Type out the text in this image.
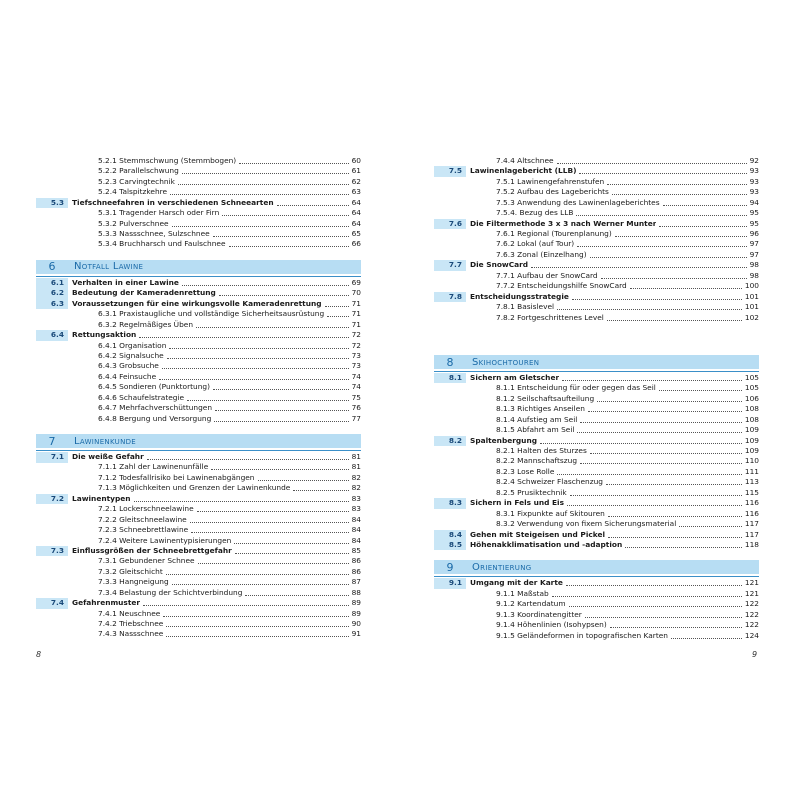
5.2.1 Stemmschwung (Stemmbogen)	60
5.2.2 Parallelschwung	61
5.2.3 Carvingtechnik	62
5.2.4 Talspitzkehre	63
5.3	Tiefschneefahren in verschiedenen Schneearten	64
5.3.1 Tragender Harsch oder Firn	64
5.3.2 Pulverschnee	64
5.3.3 Nassschnee, Sulzschnee	65
5.3.4 Bruchharsch und Faulschnee	66
6	Notfall Lawine
6.1	Verhalten in einer Lawine	69
6.2	Bedeutung der Kameradenrettung	70
6.3	Voraussetzungen für eine wirkungsvolle Kameradenrettung	71
6.3.1 Praxistaugliche und vollständige Sicherheitsausrüstung	71
6.3.2 Regelmäßiges Üben	71
6.4	Rettungsaktion	72
6.4.1 Organisation	72
6.4.2 Signalsuche	73
6.4.3 Grobsuche	73
6.4.4 Feinsuche	74
6.4.5 Sondieren (Punktortung)	74
6.4.6 Schaufelstrategie	75
6.4.7 Mehrfachverschüttungen	76
6.4.8 Bergung und Versorgung	77
7	Lawinenkunde
7.1	Die weiße Gefahr	81
7.1.1 Zahl der Lawinenunfälle	81
7.1.2 Todesfallrisiko bei Lawinenabgängen	82
7.1.3 Möglichkeiten und Grenzen der Lawinenkunde	82
7.2	Lawinentypen	83
7.2.1 Lockerschneelawine	83
7.2.2 Gleitschneelawine	84
7.2.3 Schneebrettlawine	84
7.2.4 Weitere Lawinentypisierungen	84
7.3	Einflussgrößen der Schneebrettgefahr	85
7.3.1 Gebundener Schnee	86
7.3.2 Gleitschicht	86
7.3.3 Hangneigung	87
7.3.4 Belastung der Schichtverbindung	88
7.4	Gefahrenmuster	89
7.4.1 Neuschnee	89
7.4.2 Triebschnee	90
7.4.3 Nassschnee	91
7.4.4 Altschnee	92
7.5	Lawinenlagebericht (LLB)	93
7.5.1 Lawinengefahrenstufen	93
7.5.2 Aufbau des Lageberichts	93
7.5.3 Anwendung des Lawinenlageberichtes	94
7.5.4. Bezug des LLB	95
7.6	Die Filtermethode 3 x 3 nach Werner Munter	95
7.6.1 Regional (Tourenplanung)	96
7.6.2 Lokal (auf Tour)	97
7.6.3 Zonal (Einzelhang)	97
7.7	Die SnowCard	98
7.7.1 Aufbau der SnowCard	98
7.7.2 Entscheidungshilfe SnowCard	100
7.8	Entscheidungsstrategie	101
7.8.1 Basislevel	101
7.8.2 Fortgeschrittenes Level	102
8	Skihochtouren
8.1	Sichern am Gletscher	105
8.1.1 Entscheidung für oder gegen das Seil	105
8.1.2 Seilschaftsaufteilung	106
8.1.3 Richtiges Anseilen	108
8.1.4 Aufstieg am Seil	108
8.1.5 Abfahrt am Seil	109
8.2	Spaltenbergung	109
8.2.1 Halten des Sturzes	109
8.2.2 Mannschaftszug	110
8.2.3 Lose Rolle	111
8.2.4 Schweizer Flaschenzug	113
8.2.5 Prusiktechnik	115
8.3	Sichern in Fels und Eis	116
8.3.1 Fixpunkte auf Skitouren	116
8.3.2 Verwendung von fixem Sicherungsmaterial	117
8.4	Gehen mit Steigeisen und Pickel	117
8.5	Höhenakklimatisation und -adaption	118
9	Orientierung
9.1	Umgang mit der Karte	121
9.1.1 Maßstab	121
9.1.2 Kartendatum	122
9.1.3 Koordinatengitter	122
9.1.4 Höhenlinien (Isohypsen)	122
9.1.5 Geländeformen in topografischen Karten	124
8	9
